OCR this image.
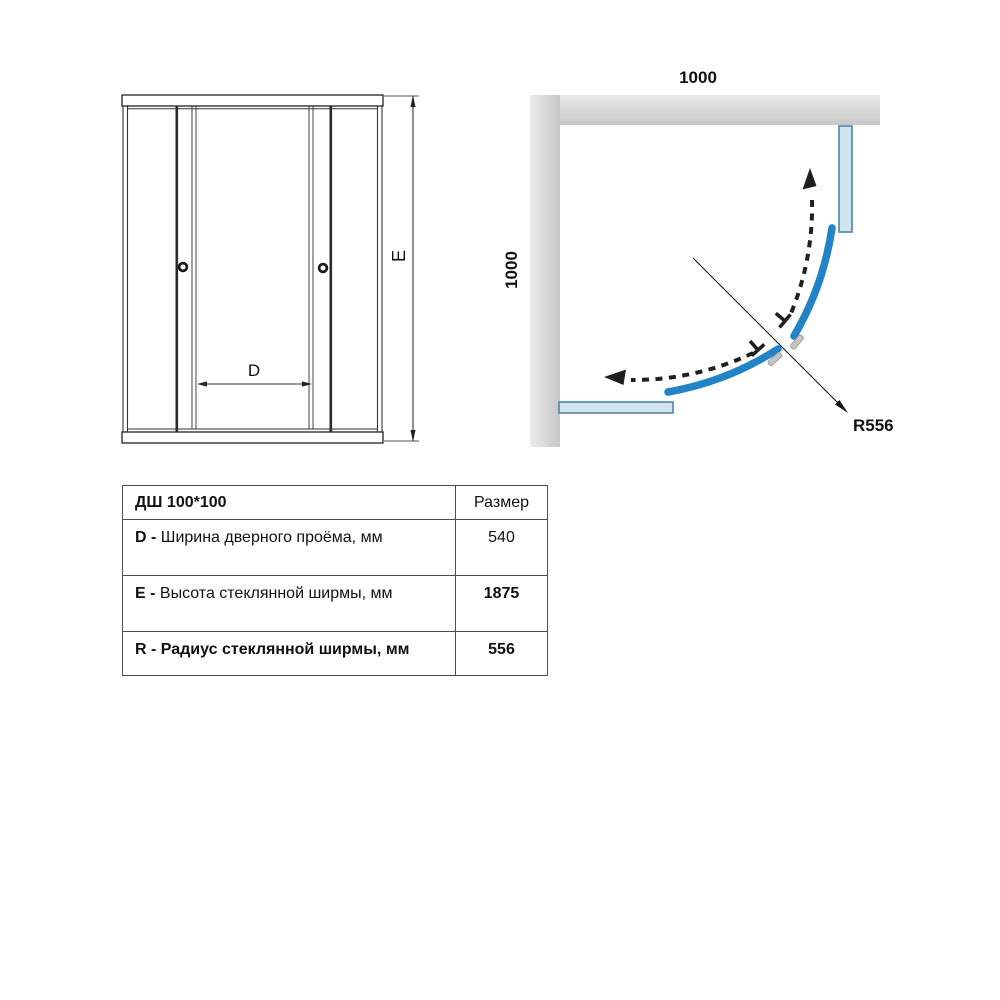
D
E
1000
1000
R556
ДШ 100*100	Размер
D - Ширина дверного проёма, мм	540
E - Высота стеклянной ширмы, мм	1875
R - Радиус стеклянной ширмы, мм	556
